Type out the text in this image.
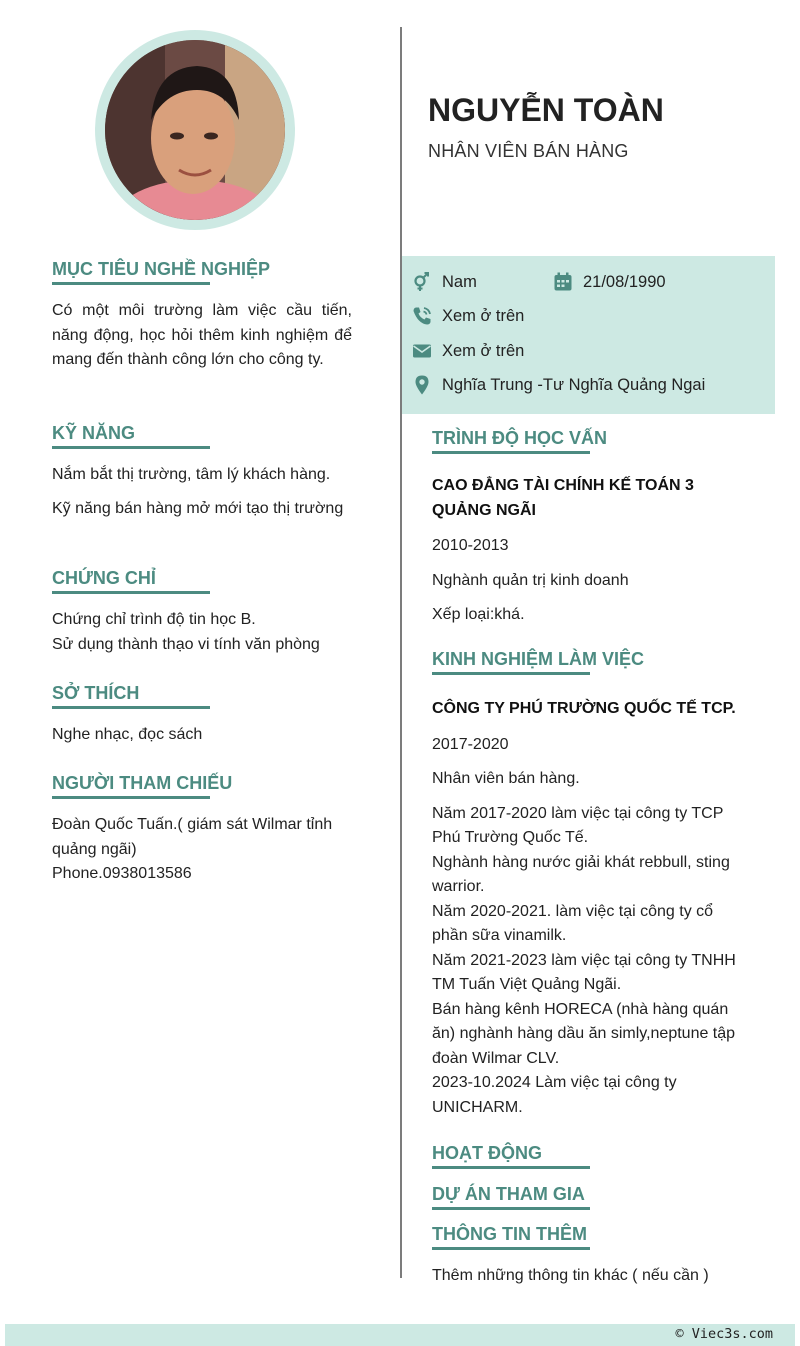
MỤC TIÊU NGHỀ NGHIỆP

Có một môi trường làm việc cầu tiến, năng động, học hỏi thêm kinh nghiệm để mang đến thành công lớn cho công ty.

KỸ NĂNG

Nắm bắt thị trường, tâm lý khách hàng.

Kỹ năng bán hàng mở mới tạo thị trường

CHỨNG CHỈ

Chứng chỉ trình độ tin học B.

Sử dụng thành thạo vi tính văn phòng

SỞ THÍCH

Nghe nhạc, đọc sách

NGƯỜI THAM CHIẾU

Đoàn Quốc Tuấn.( giám sát Wilmar tỉnh quảng ngãi)

Phone.0938013586

NGUYỄN TOÀN

NHÂN VIÊN BÁN HÀNG

Nam	21/08/1990
Xem ở trên
Xem ở trên
Nghĩa Trung -Tư Nghĩa Quảng Ngai
TRÌNH ĐỘ HỌC VẤN

CAO ĐẲNG TÀI CHÍNH KẾ TOÁN 3 QUẢNG NGÃI

2010-2013

Nghành quản trị kinh doanh

Xếp loại:khá.

KINH NGHIỆM LÀM VIỆC

CÔNG TY PHÚ TRƯỜNG QUỐC TẾ TCP.

2017-2020

Nhân viên bán hàng.

Năm 2017-2020 làm việc tại công ty TCP Phú Trường Quốc Tế.

Nghành hàng nước giải khát rebbull, sting warrior.

Năm 2020-2021. làm việc tại công ty cổ phần sữa vinamilk.

Năm 2021-2023 làm việc tại công ty TNHH TM Tuấn Việt Quảng Ngãi.

Bán hàng kênh HORECA (nhà hàng quán ăn) nghành hàng dầu ăn simly,neptune tập đoàn Wilmar CLV.

2023-10.2024 Làm việc tại công ty UNICHARM.

HOẠT ĐỘNG
DỰ ÁN THAM GIA
THÔNG TIN THÊM

Thêm những thông tin khác ( nếu cần )

© Viec3s.com
